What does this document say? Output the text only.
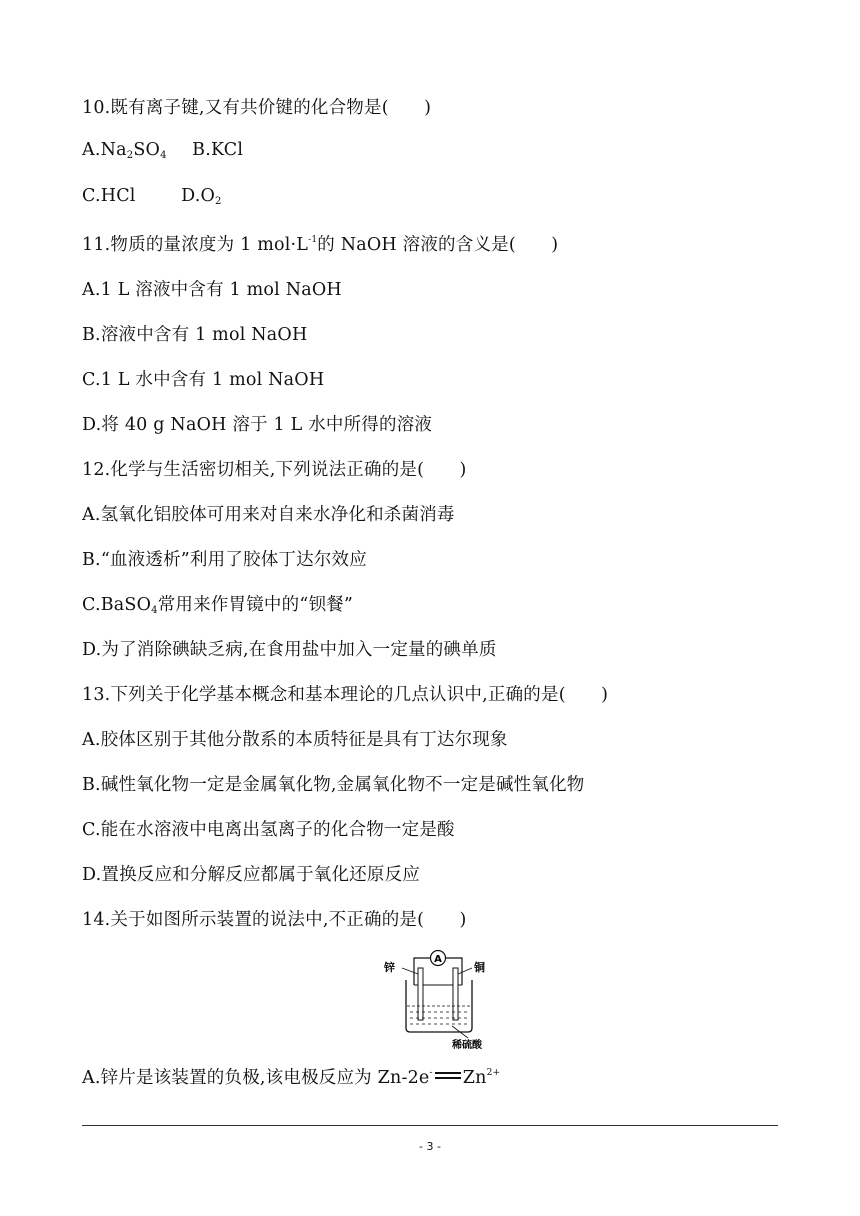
10.既有离子键,又有共价键的化合物是(　　)
$A.Na_2SO_4$ B.KCl
C.HCl	$D.O_2$
11.物质的量浓度为 1 $mol\cdot L^{-1}$的 NaOH 溶液的含义是(　　)
A.1 L 溶液中含有 1 mol NaOH
B.溶液中含有 1 mol NaOH
C.1 L 水中含有 1 mol NaOH
D.将 40 g NaOH 溶于 1 L 水中所得的溶液
12.化学与生活密切相关,下列说法正确的是(　　)
A.氢氧化铝胶体可用来对自来水净化和杀菌消毒
B.“血液透析”利用了胶体丁达尔效应
C.BaSO$_4$常用来作胃镜中的“钡餐”
D.为了消除碘缺乏病,在食用盐中加入一定量的碘单质
13.下列关于化学基本概念和基本理论的几点认识中,正确的是(　　)
A.胶体区别于其他分散系的本质特征是具有丁达尔现象
B.碱性氧化物一定是金属氧化物,金属氧化物不一定是碱性氧化物
C.能在水溶液中电离出氢离子的化合物一定是酸
D.置换反应和分解反应都属于氧化还原反应
14.关于如图所示装置的说法中,不正确的是(　　)
A
锌	铜
稀硫酸
A.锌片是该装置的负极,该电极反应为 Zn-2e- $Zn^{2+}$
- 3 -
